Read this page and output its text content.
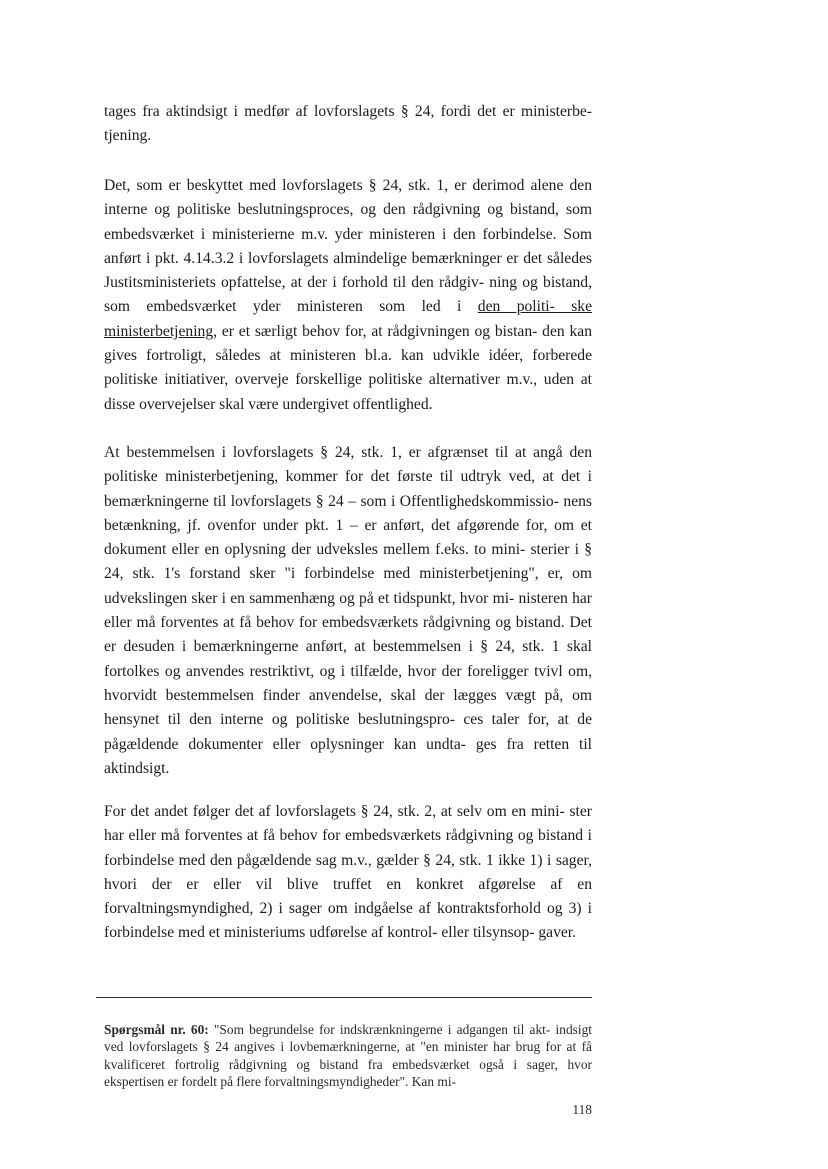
tages fra aktindsigt i medfør af lovforslagets § 24, fordi det er ministerbe- tjening.

Det, som er beskyttet med lovforslagets § 24, stk. 1, er derimod alene den interne og politiske beslutningsproces, og den rådgivning og bistand, som embedsværket i ministerierne m.v. yder ministeren i den forbindelse. Som anført i pkt. 4.14.3.2 i lovforslagets almindelige bemærkninger er det således Justitsministeriets opfattelse, at der i forhold til den rådgiv- ning og bistand, som embedsværket yder ministeren som led i den politi- ske ministerbetjening, er et særligt behov for, at rådgivningen og bistan- den kan gives fortroligt, således at ministeren bl.a. kan udvikle idéer, forberede politiske initiativer, overveje forskellige politiske alternativer m.v., uden at disse overvejelser skal være undergivet offentlighed.

At bestemmelsen i lovforslagets § 24, stk. 1, er afgrænset til at angå den politiske ministerbetjening, kommer for det første til udtryk ved, at det i bemærkningerne til lovforslagets § 24 – som i Offentlighedskommissio- nens betænkning, jf. ovenfor under pkt. 1 – er anført, det afgørende for, om et dokument eller en oplysning der udveksles mellem f.eks. to mini- sterier i § 24, stk. 1's forstand sker "i forbindelse med ministerbetjening", er, om udvekslingen sker i en sammenhæng og på et tidspunkt, hvor mi- nisteren har eller må forventes at få behov for embedsværkets rådgivning og bistand. Det er desuden i bemærkningerne anført, at bestemmelsen i § 24, stk. 1 skal fortolkes og anvendes restriktivt, og i tilfælde, hvor der foreligger tvivl om, hvorvidt bestemmelsen finder anvendelse, skal der lægges vægt på, om hensynet til den interne og politiske beslutningspro- ces taler for, at de pågældende dokumenter eller oplysninger kan undta- ges fra retten til aktindsigt.

For det andet følger det af lovforslagets § 24, stk. 2, at selv om en mini- ster har eller må forventes at få behov for embedsværkets rådgivning og bistand i forbindelse med den pågældende sag m.v., gælder § 24, stk. 1 ikke 1) i sager, hvori der er eller vil blive truffet en konkret afgørelse af en forvaltningsmyndighed, 2) i sager om indgåelse af kontraktsforhold og 3) i forbindelse med et ministeriums udførelse af kontrol- eller tilsynsop- gaver.

Spørgsmål nr. 60: "Som begrundelse for indskrænkningerne i adgangen til akt- indsigt ved lovforslagets § 24 angives i lovbemærkningerne, at "en minister har brug for at få kvalificeret fortrolig rådgivning og bistand fra embedsværket også i sager, hvor ekspertisen er fordelt på flere forvaltningsmyndigheder". Kan mi-

118
